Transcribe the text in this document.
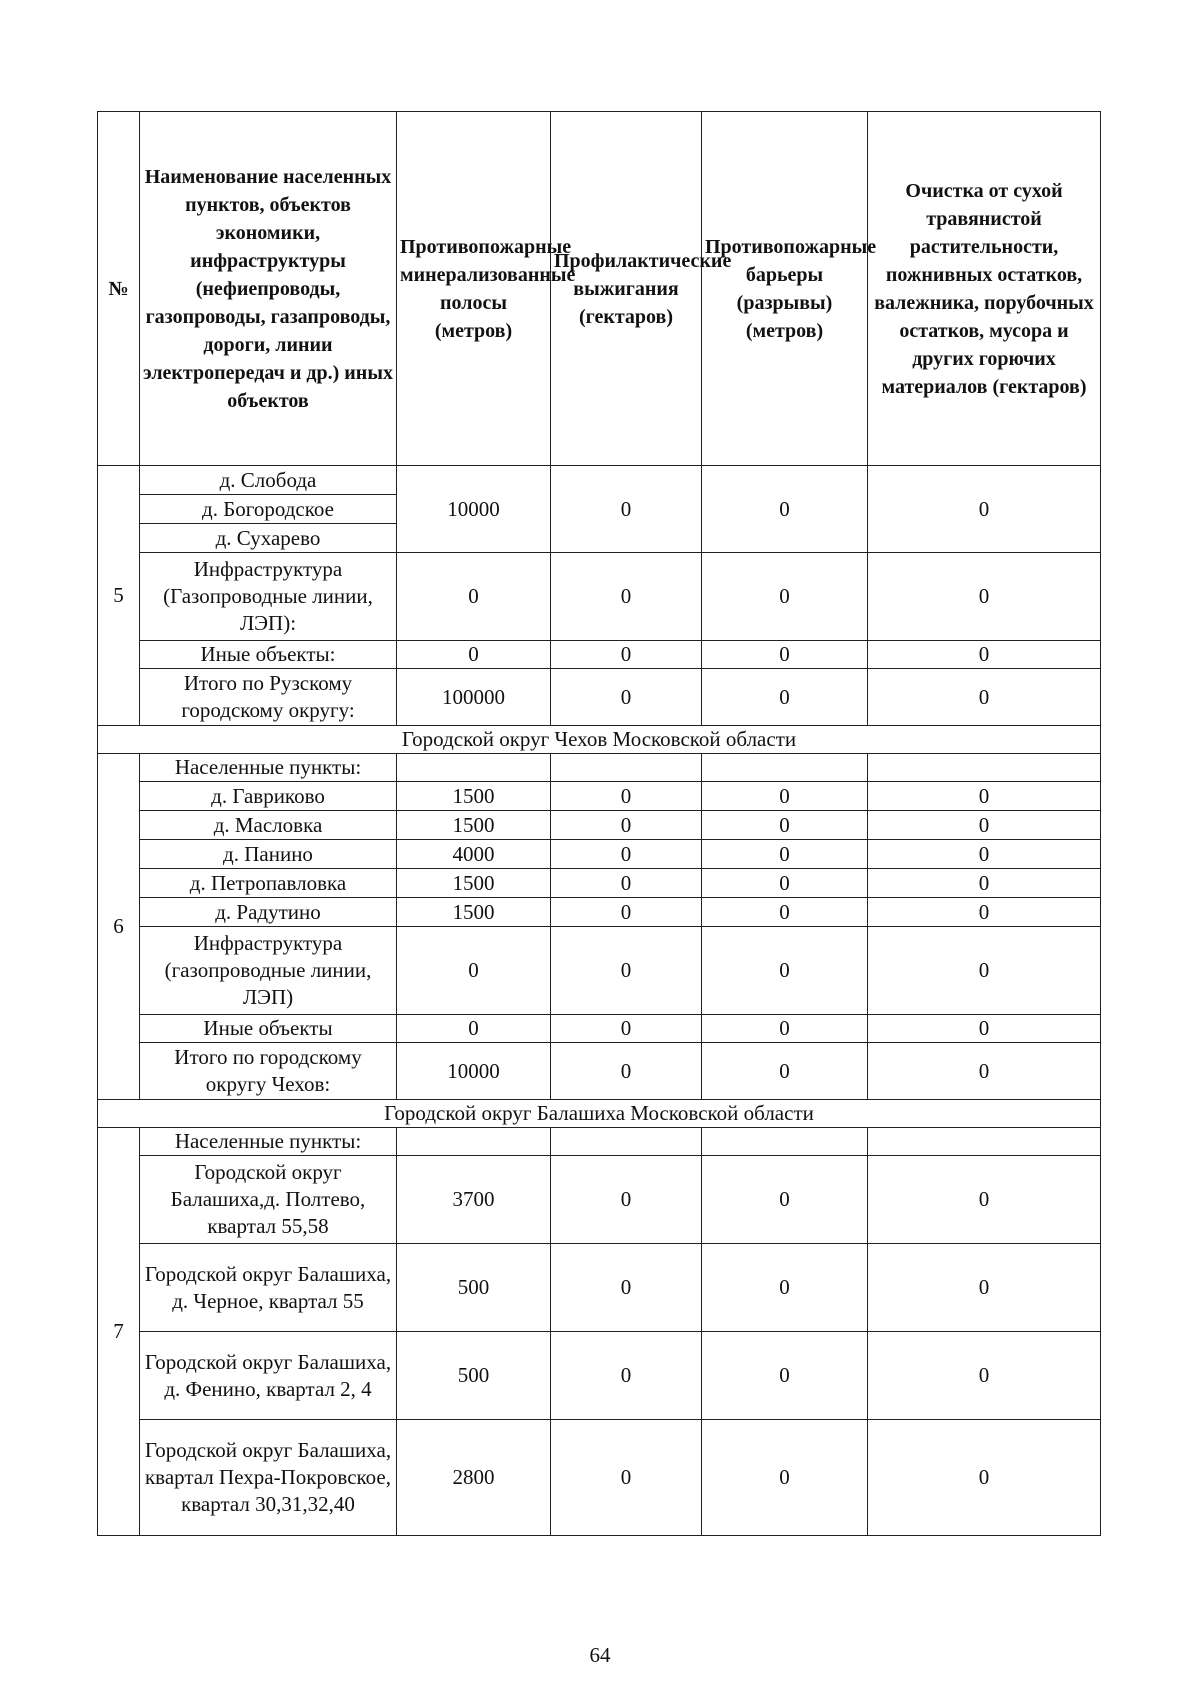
№	Наименование населенных пунктов, объектов экономики, инфраструктуры (нефиепроводы, газопроводы, газапроводы, дороги, линии электропередач и др.) иных объектов	Противопожарные минерализованные полосы (метров)	Профилактические выжигания (гектаров)	Противопожарные барьеры (разрывы) (метров)	Очистка от сухой травянистой растительности, пожнивных остатков, валежника, порубочных остатков, мусора и других горючих материалов (гектаров)
5	д. Слобода	10000	0	0	0
	д. Богородское				
	д. Сухарево				
	Инфраструктура (Газопроводные линии, ЛЭП):	0	0	0	0
	Иные объекты:	0	0	0	0
	Итого по Рузскому городскому округу:	100000	0	0	0
Городской округ Чехов Московской области					
6	Населенные пункты:				
	д. Гавриково	1500	0	0	0
	д. Масловка	1500	0	0	0
	д. Панино	4000	0	0	0
	д. Петропавловка	1500	0	0	0
	д. Радутино	1500	0	0	0
	Инфраструктура (газопроводные линии, ЛЭП)	0	0	0	0
	Иные объекты	0	0	0	0
	Итого по городскому округу Чехов:	10000	0	0	0
Городской округ Балашиха Московской области					
7	Населенные пункты:				
	Городской округ Балашиха,д. Полтево, квартал 55,58	3700	0	0	0
	Городской округ Балашиха, д. Черное, квартал 55	500	0	0	0
	Городской округ Балашиха, д. Фенино, квартал 2, 4	500	0	0	0
	Городской округ Балашиха, квартал Пехра-Покровское, квартал 30,31,32,40	2800	0	0	0
64
